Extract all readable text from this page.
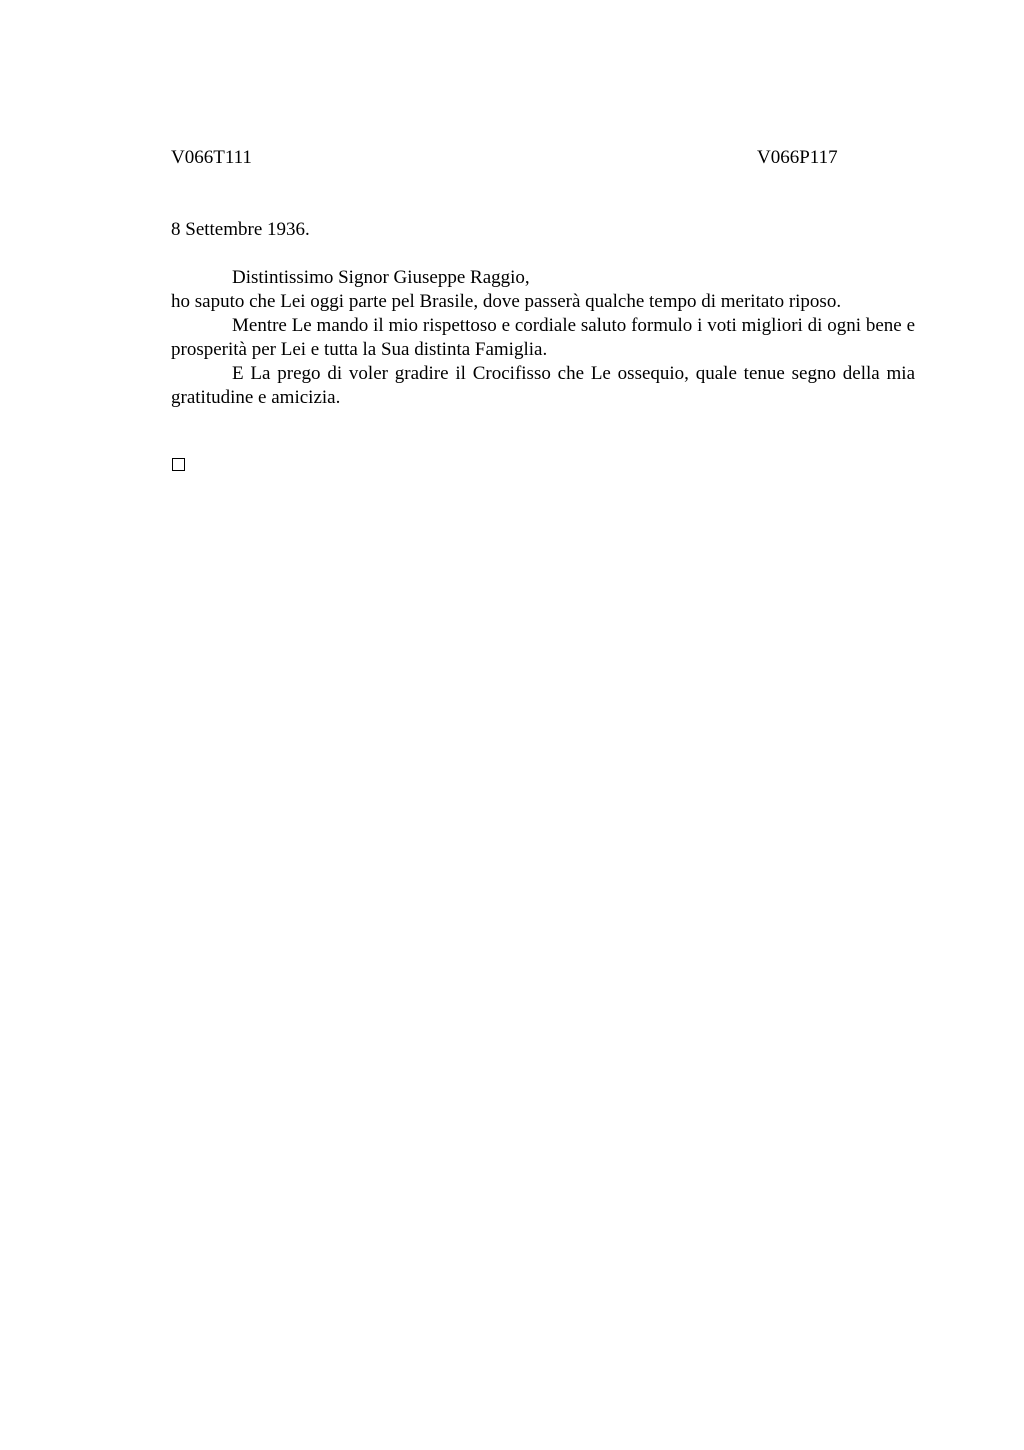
V066T111	V066P117
8 Settembre 1936.

Distintissimo Signor Giuseppe Raggio,

ho saputo che Lei oggi parte pel Brasile, dove passerà qualche tempo di meritato riposo.

Mentre Le mando il mio rispettoso e cordiale saluto formulo i voti migliori di ogni bene e prosperità per Lei e tutta la Sua distinta Famiglia.

E La prego di voler gradire il Crocifisso che Le ossequio, quale tenue segno della mia gratitudine e amicizia.
